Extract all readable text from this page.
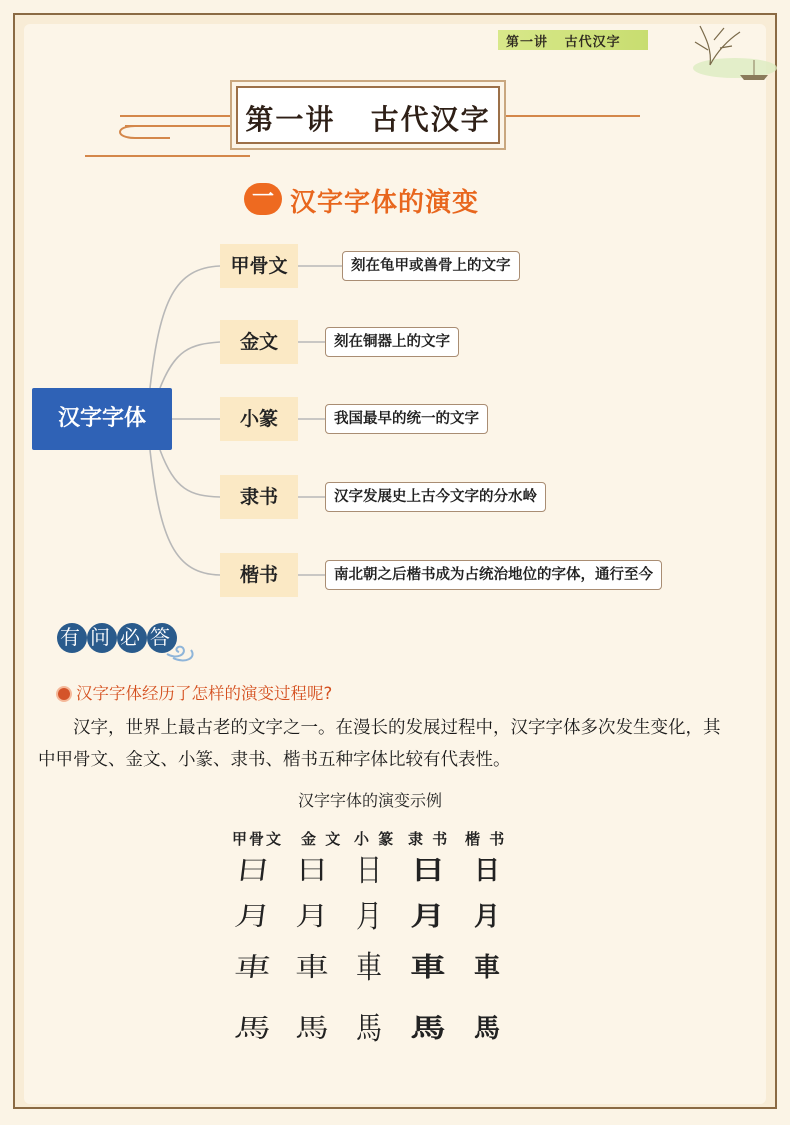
第一讲   古代汉字
第一讲   古代汉字
一 汉字字体的演变
汉字字体
甲骨文
金文
小篆
隶书
楷书
刻在龟甲或兽骨上的文字
刻在铜器上的文字
我国最早的统一的文字
汉字发展史上古今文字的分水岭
南北朝之后楷书成为占统治地位的字体，通行至今
有问必答
汉字字体经历了怎样的演变过程呢?
汉字，世界上最古老的文字之一。在漫长的发展过程中，汉字字体多次发生变化，其中甲骨文、金文、小篆、隶书、楷书五种字体比较有代表性。
汉字字体的演变示例
甲骨文 金 文 小 篆 隶 书 楷 书
日 日	日	日	日
月 月	月	月	月
車 車	車	車	車
馬 馬	馬	馬	馬
